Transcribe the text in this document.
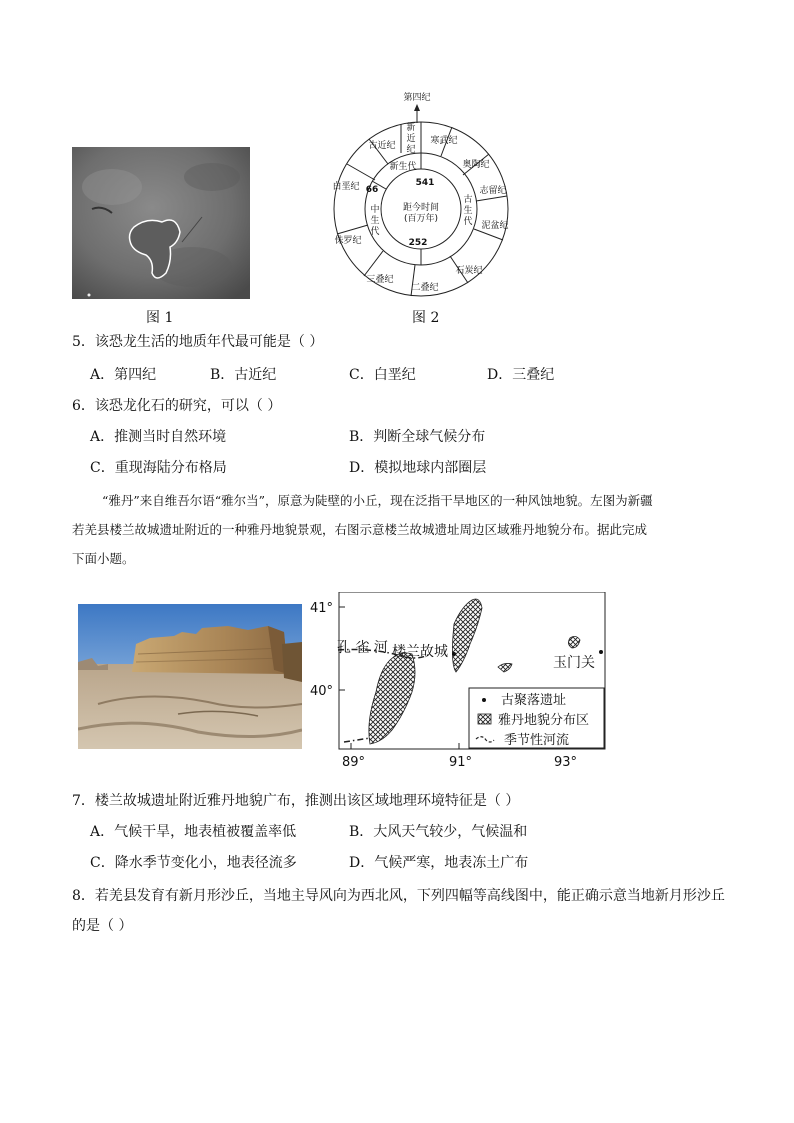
图 1
第四纪
新
近
纪
古近纪	寒武纪
奥陶纪
志留纪
泥盆纪
石炭纪
二叠纪
三叠纪
侏罗纪
白垩纪
新生代
中
生
代
古
生
代
66
541
252
距今时间
(百万年)
图 2
5．该恐龙生活的地质年代最可能是（ ）
A．第四纪	B．古近纪	C．白垩纪	D．三叠纪
6．该恐龙化石的研究，可以（ ）
A．推测当时自然环境	B．判断全球气候分布
C．重现海陆分布格局	D．模拟地球内部圈层
“雅丹”来自维吾尔语“雅尔当”，原意为陡壁的小丘，现在泛指干旱地区的一种风蚀地貌。左图为新疆
若羌县楼兰故城遗址附近的一种雅丹地貌景观，右图示意楼兰故城遗址周边区域雅丹地貌分布。据此完成
下面小题。
古聚落遗址
雅丹地貌分布区
季节性河流
孔 雀 河 楼兰故城
玉门关
41°
40°
89°	91°	93°
7．楼兰故城遗址附近雅丹地貌广布，推测出该区域地理环境特征是（ ）
A．气候干旱，地表植被覆盖率低	B．大风天气较少，气候温和
C．降水季节变化小，地表径流多	D．气候严寒，地表冻土广布
8．若羌县发育有新月形沙丘，当地主导风向为西北风，下列四幅等高线图中，能正确示意当地新月形沙丘
的是（ ）
